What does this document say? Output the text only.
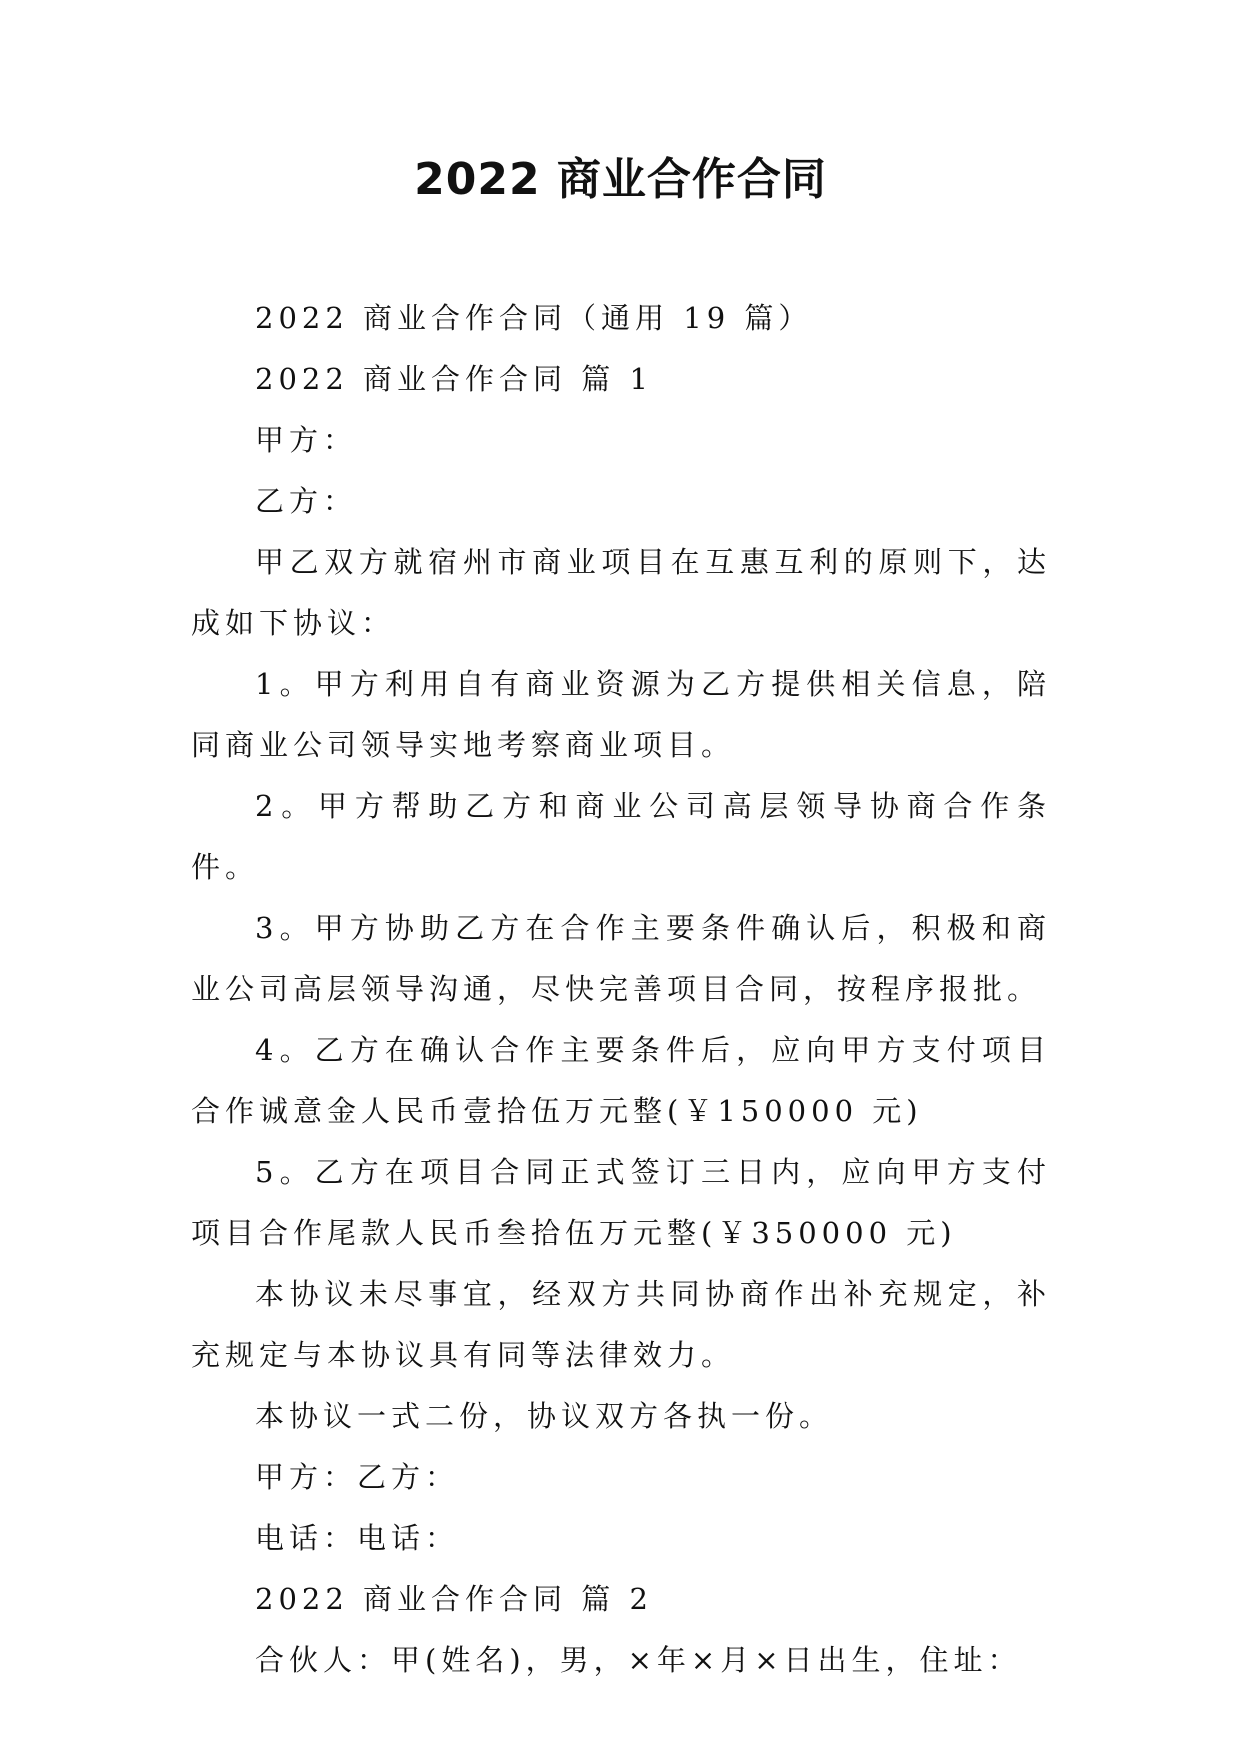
2022 商业合作合同

2022 商业合作合同（通用 19 篇）

2022 商业合作合同 篇 1

甲方：

乙方：

甲乙双方就宿州市商业项目在互惠互利的原则下，达成如下协议：

1。甲方利用自有商业资源为乙方提供相关信息，陪同商业公司领导实地考察商业项目。

2。甲方帮助乙方和商业公司高层领导协商合作条件。

3。甲方协助乙方在合作主要条件确认后，积极和商业公司高层领导沟通，尽快完善项目合同，按程序报批。

4。乙方在确认合作主要条件后，应向甲方支付项目合作诚意金人民币壹拾伍万元整(￥150000 元)

5。乙方在项目合同正式签订三日内，应向甲方支付项目合作尾款人民币叁拾伍万元整(￥350000 元)

本协议未尽事宜，经双方共同协商作出补充规定，补充规定与本协议具有同等法律效力。

本协议一式二份，协议双方各执一份。

甲方：乙方：

电话：电话：

2022 商业合作合同 篇 2

合伙人：甲(姓名)，男，×年×月×日出生，住址：
